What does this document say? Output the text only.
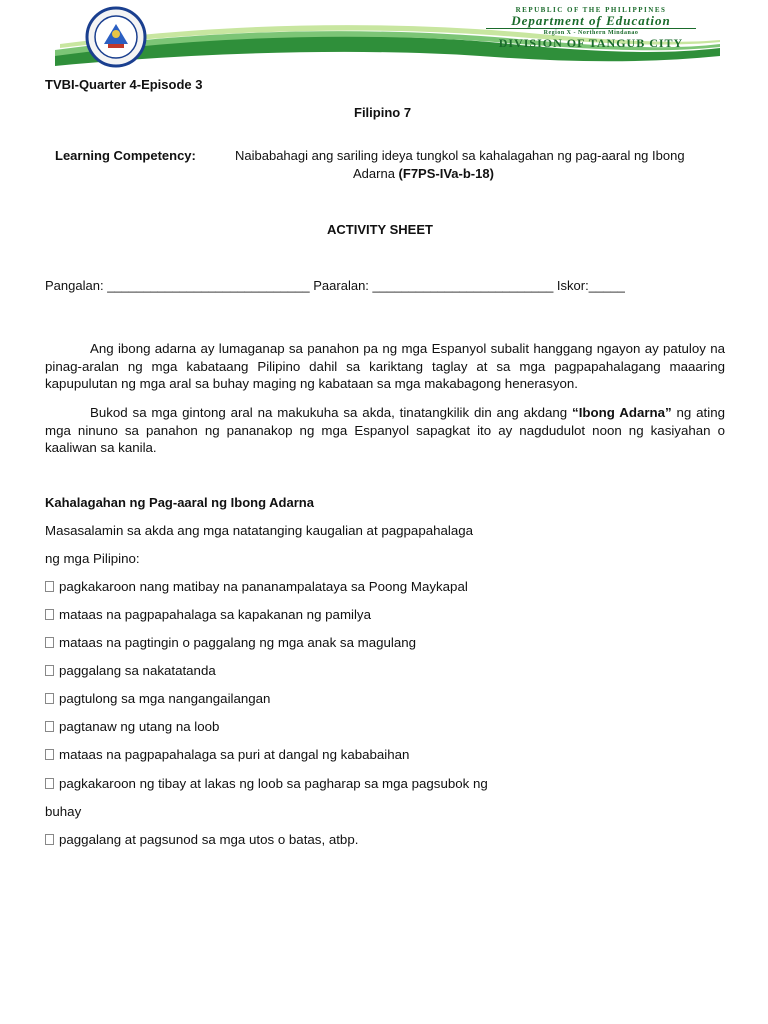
REPUBLIC OF THE PHILIPPINES
Department of Education
Region X - Northern Mindanao
DIVISION OF TANGUB CITY
TVBI-Quarter 4-Episode 3
Filipino 7
Learning Competency:	Naibabahagi ang sariling ideya tungkol sa kahalagahan ng pag-aaral ng Ibong
Adarna (F7PS-IVa-b-18)
ACTIVITY SHEET
Pangalan: ____________________________ Paaralan: _________________________ Iskor:_____
Ang ibong adarna ay lumaganap sa panahon pa ng mga Espanyol subalit hanggang ngayon ay patuloy na pinag-aralan ng mga kabataang Pilipino dahil sa kariktang taglay at sa mga pagpapahalagang maaaring kapupulutan ng mga aral sa buhay maging ng kabataan sa mga makabagong henerasyon.
Bukod sa mga gintong aral na makukuha sa akda, tinatangkilik din ang akdang “Ibong Adarna” ng ating mga ninuno sa panahon ng pananakop ng mga Espanyol sapagkat ito ay nagdudulot noon ng kasiyahan o kaaliwan sa kanila.
Kahalagahan ng Pag-aaral ng Ibong Adarna
Masasalamin sa akda ang mga natatanging kaugalian at pagpapahalaga
ng mga Pilipino:
pagkakaroon nang matibay na pananampalataya sa Poong Maykapal
mataas na pagpapahalaga sa kapakanan ng pamilya
mataas na pagtingin o paggalang ng mga anak sa magulang
paggalang sa nakatatanda
pagtulong sa mga nangangailangan
pagtanaw ng utang na loob
mataas na pagpapahalaga sa puri at dangal ng kababaihan
pagkakaroon ng tibay at lakas ng loob sa pagharap sa mga pagsubok ng
buhay
paggalang at pagsunod sa mga utos o batas, atbp.
